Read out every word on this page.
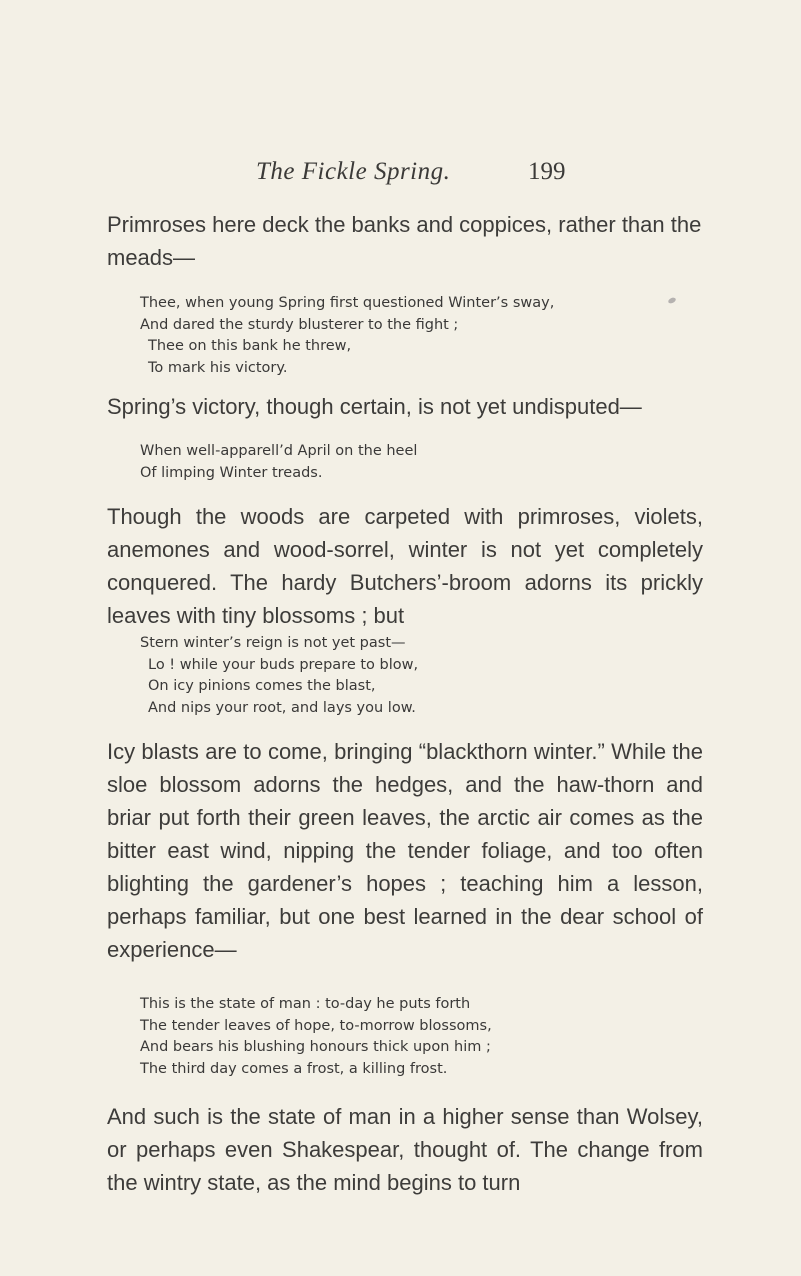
The Fickle Spring.	199

Primroses here deck the banks and coppices, rather than the meads—

Thee, when young Spring first questioned Winter’s sway,
And dared the sturdy blusterer to the fight ;
Thee on this bank he threw,
To mark his victory.

Spring’s victory, though certain, is not yet undisputed—

When well-apparell’d April on the heel
Of limping Winter treads.

Though the woods are carpeted with primroses, violets, anemones and wood-sorrel, winter is not yet completely conquered. The hardy Butchers’-broom adorns its prickly leaves with tiny blossoms ; but

Stern winter’s reign is not yet past—
Lo ! while your buds prepare to blow,
On icy pinions comes the blast,
And nips your root, and lays you low.

Icy blasts are to come, bringing “blackthorn winter.” While the sloe blossom adorns the hedges, and the haw-thorn and briar put forth their green leaves, the arctic air comes as the bitter east wind, nipping the tender foliage, and too often blighting the gardener’s hopes ; teaching him a lesson, perhaps familiar, but one best learned in the dear school of experience—

This is the state of man : to-day he puts forth
The tender leaves of hope, to-morrow blossoms,
And bears his blushing honours thick upon him ;
The third day comes a frost, a killing frost.

And such is the state of man in a higher sense than Wolsey, or perhaps even Shakespear, thought of. The change from the wintry state, as the mind begins to turn
